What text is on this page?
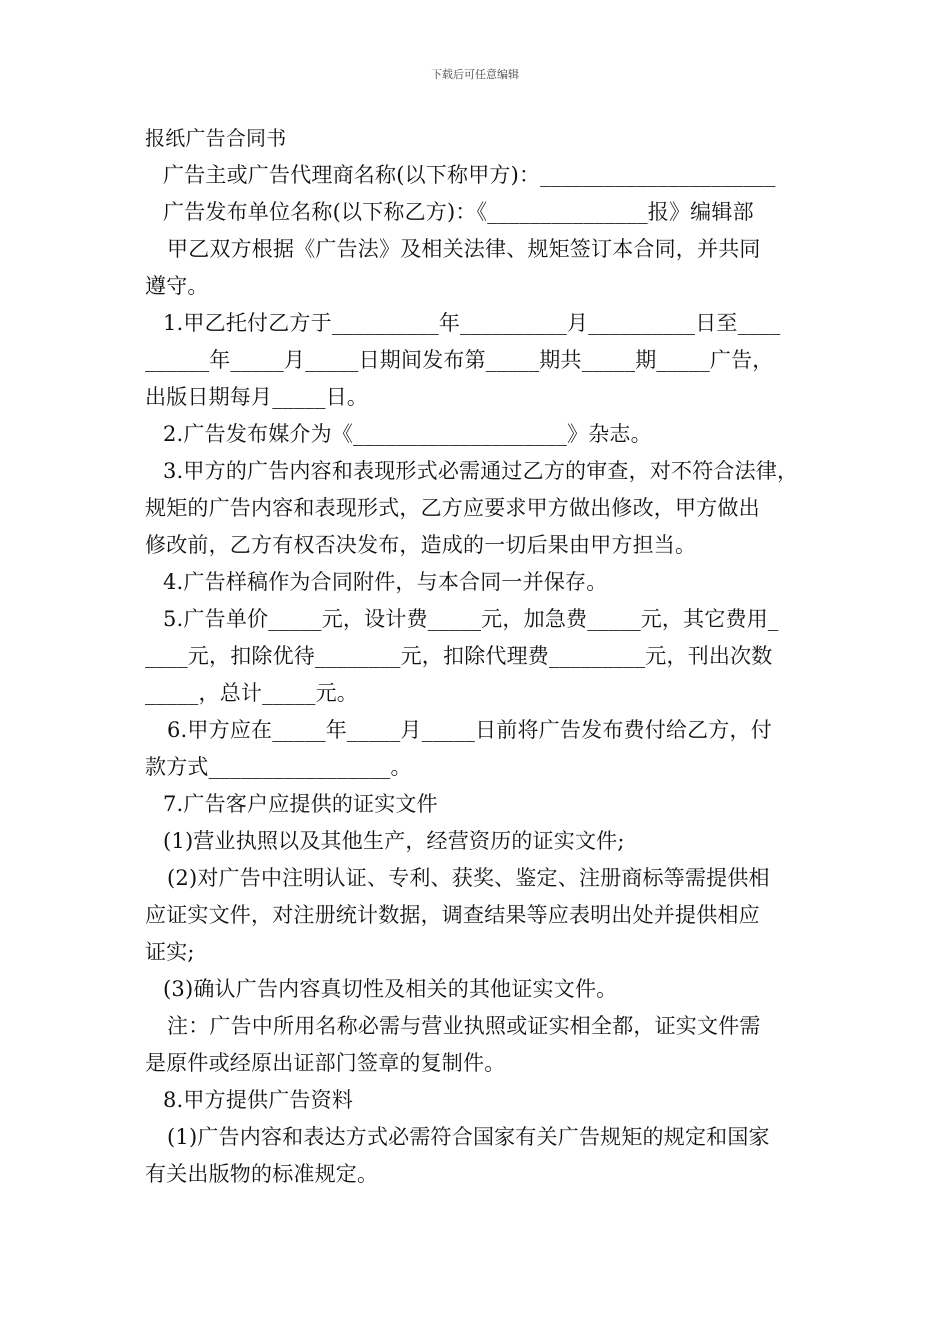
下载后可任意编辑
报纸广告合同书
广告主或广告代理商名称(以下称甲方)：______________________
广告发布单位名称(以下称乙方)：《_______________报》编辑部
甲乙双方根据《广告法》及相关法律、规矩签订本合同，并共同
遵守。
1.甲乙托付乙方于__________年__________月__________日至____
______年_____月_____日期间发布第_____期共_____期_____广告，
出版日期每月_____日。
2.广告发布媒介为《____________________》杂志。
3.甲方的广告内容和表现形式必需通过乙方的审查，对不符合法律，
规矩的广告内容和表现形式，乙方应要求甲方做出修改，甲方做出
修改前，乙方有权否决发布，造成的一切后果由甲方担当。
4.广告样稿作为合同附件，与本合同一并保存。
5.广告单价_____元，设计费_____元，加急费_____元，其它费用_
____元，扣除优待________元，扣除代理费_________元，刊出次数
_____，总计_____元。
6.甲方应在_____年_____月_____日前将广告发布费付给乙方，付
款方式_________________。
7.广告客户应提供的证实文件
(1)营业执照以及其他生产，经营资历的证实文件;
(2)对广告中注明认证、专利、获奖、鉴定、注册商标等需提供相
应证实文件，对注册统计数据，调查结果等应表明出处并提供相应
证实;
(3)确认广告内容真切性及相关的其他证实文件。
注：广告中所用名称必需与营业执照或证实相全都，证实文件需
是原件或经原出证部门签章的复制件。
8.甲方提供广告资料
(1)广告内容和表达方式必需符合国家有关广告规矩的规定和国家
有关出版物的标准规定。
